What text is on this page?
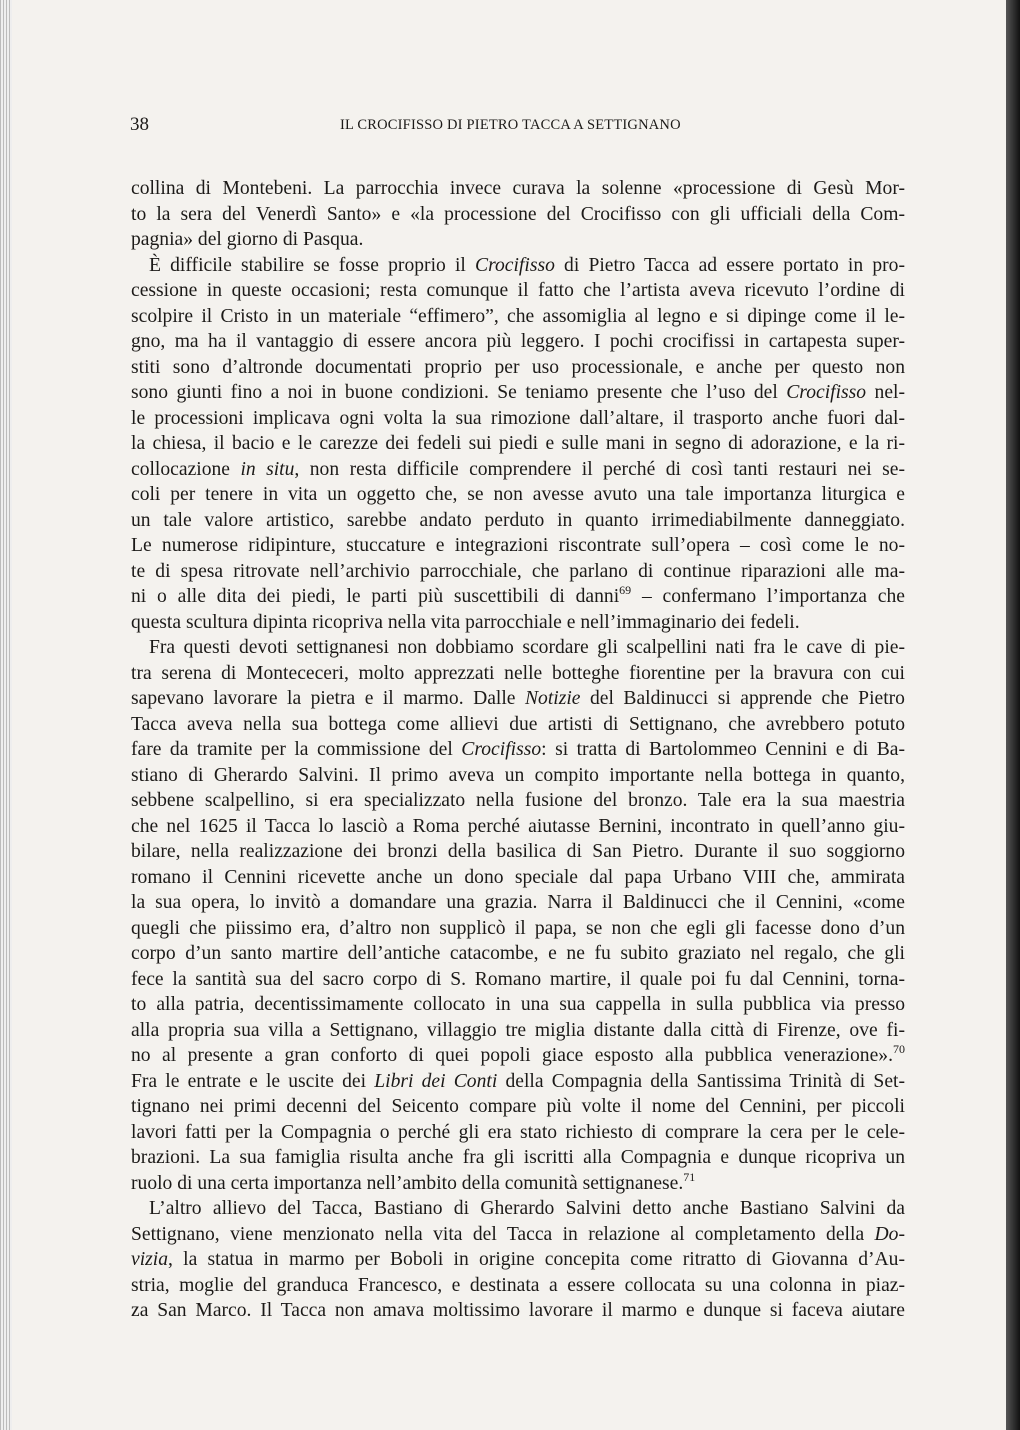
38	IL CROCIFISSO DI PIETRO TACCA A SETTIGNANO
collina di Montebeni. La parrocchia invece curava la solenne «processione di Gesù Mor-
to la sera del Venerdì Santo» e «la processione del Crocifisso con gli ufficiali della Com-
pagnia» del giorno di Pasqua.
È difficile stabilire se fosse proprio il Crocifisso di Pietro Tacca ad essere portato in pro-
cessione in queste occasioni; resta comunque il fatto che l’artista aveva ricevuto l’ordine di
scolpire il Cristo in un materiale “effimero”, che assomiglia al legno e si dipinge come il le-
gno, ma ha il vantaggio di essere ancora più leggero. I pochi crocifissi in cartapesta super-
stiti sono d’altronde documentati proprio per uso processionale, e anche per questo non
sono giunti fino a noi in buone condizioni. Se teniamo presente che l’uso del Crocifisso nel-
le processioni implicava ogni volta la sua rimozione dall’altare, il trasporto anche fuori dal-
la chiesa, il bacio e le carezze dei fedeli sui piedi e sulle mani in segno di adorazione, e la ri-
collocazione in situ, non resta difficile comprendere il perché di così tanti restauri nei se-
coli per tenere in vita un oggetto che, se non avesse avuto una tale importanza liturgica e
un tale valore artistico, sarebbe andato perduto in quanto irrimediabilmente danneggiato.
Le numerose ridipinture, stuccature e integrazioni riscontrate sull’opera – così come le no-
te di spesa ritrovate nell’archivio parrocchiale, che parlano di continue riparazioni alle ma-
ni o alle dita dei piedi, le parti più suscettibili di danni$^{69}$ – confermano l’importanza che
questa scultura dipinta ricopriva nella vita parrocchiale e nell’immaginario dei fedeli.
Fra questi devoti settignanesi non dobbiamo scordare gli scalpellini nati fra le cave di pie-
tra serena di Montececeri, molto apprezzati nelle botteghe fiorentine per la bravura con cui
sapevano lavorare la pietra e il marmo. Dalle Notizie del Baldinucci si apprende che Pietro
Tacca aveva nella sua bottega come allievi due artisti di Settignano, che avrebbero potuto
fare da tramite per la commissione del Crocifisso: si tratta di Bartolommeo Cennini e di Ba-
stiano di Gherardo Salvini. Il primo aveva un compito importante nella bottega in quanto,
sebbene scalpellino, si era specializzato nella fusione del bronzo. Tale era la sua maestria
che nel 1625 il Tacca lo lasciò a Roma perché aiutasse Bernini, incontrato in quell’anno giu-
bilare, nella realizzazione dei bronzi della basilica di San Pietro. Durante il suo soggiorno
romano il Cennini ricevette anche un dono speciale dal papa Urbano VIII che, ammirata
la sua opera, lo invitò a domandare una grazia. Narra il Baldinucci che il Cennini, «come
quegli che piissimo era, d’altro non supplicò il papa, se non che egli gli facesse dono d’un
corpo d’un santo martire dell’antiche catacombe, e ne fu subito graziato nel regalo, che gli
fece la santità sua del sacro corpo di S. Romano martire, il quale poi fu dal Cennini, torna-
to alla patria, decentissimamente collocato in una sua cappella in sulla pubblica via presso
alla propria sua villa a Settignano, villaggio tre miglia distante dalla città di Firenze, ove fi-
no al presente a gran conforto di quei popoli giace esposto alla pubblica venerazione».$^{70}$
Fra le entrate e le uscite dei Libri dei Conti della Compagnia della Santissima Trinità di Set-
tignano nei primi decenni del Seicento compare più volte il nome del Cennini, per piccoli
lavori fatti per la Compagnia o perché gli era stato richiesto di comprare la cera per le cele-
brazioni. La sua famiglia risulta anche fra gli iscritti alla Compagnia e dunque ricopriva un
ruolo di una certa importanza nell’ambito della comunità settignanese.$^{71}$
L’altro allievo del Tacca, Bastiano di Gherardo Salvini detto anche Bastiano Salvini da
Settignano, viene menzionato nella vita del Tacca in relazione al completamento della Do-
vizia, la statua in marmo per Boboli in origine concepita come ritratto di Giovanna d’Au-
stria, moglie del granduca Francesco, e destinata a essere collocata su una colonna in piaz-
za San Marco. Il Tacca non amava moltissimo lavorare il marmo e dunque si faceva aiutare
